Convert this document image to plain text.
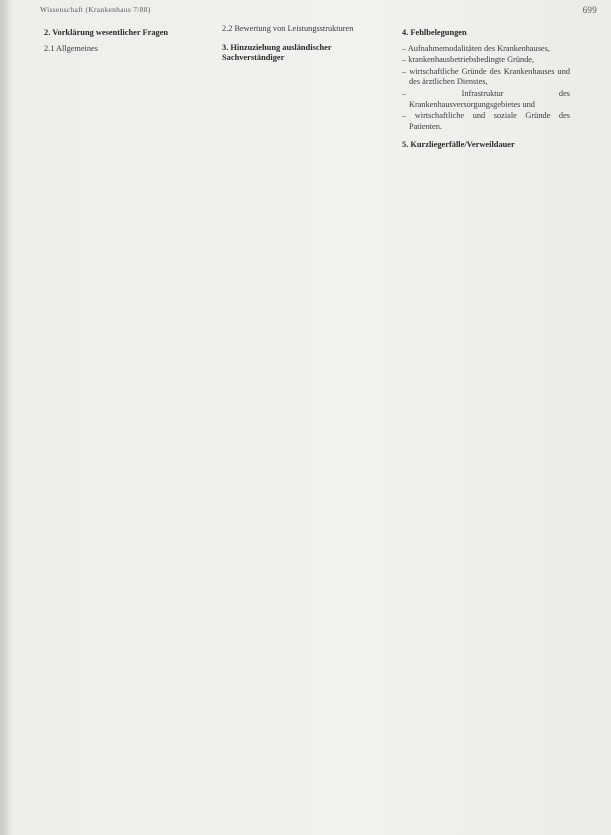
Wissenschaft (Krankenhaus 7/88)	699
2. Vorklärung wesentlicher Fragen
2.1 Allgemeines
2.2 Bewertung von Leistungsstrukturen
3. Hinzuziehung ausländischer Sachverständiger
4. Fehlbelegungen
– Aufnahmemodalitäten des Krankenhauses,
– krankenhausbetriebsbedingte Gründe,
– wirtschaftliche Gründe des Krankenhauses und des ärztlichen Dienstes,
– Infrastruktur des Krankenhausversorgungsgebietes und
– wirtschaftliche und soziale Gründe des Patienten.
5. Kurzliegerfälle/Verweildauer
